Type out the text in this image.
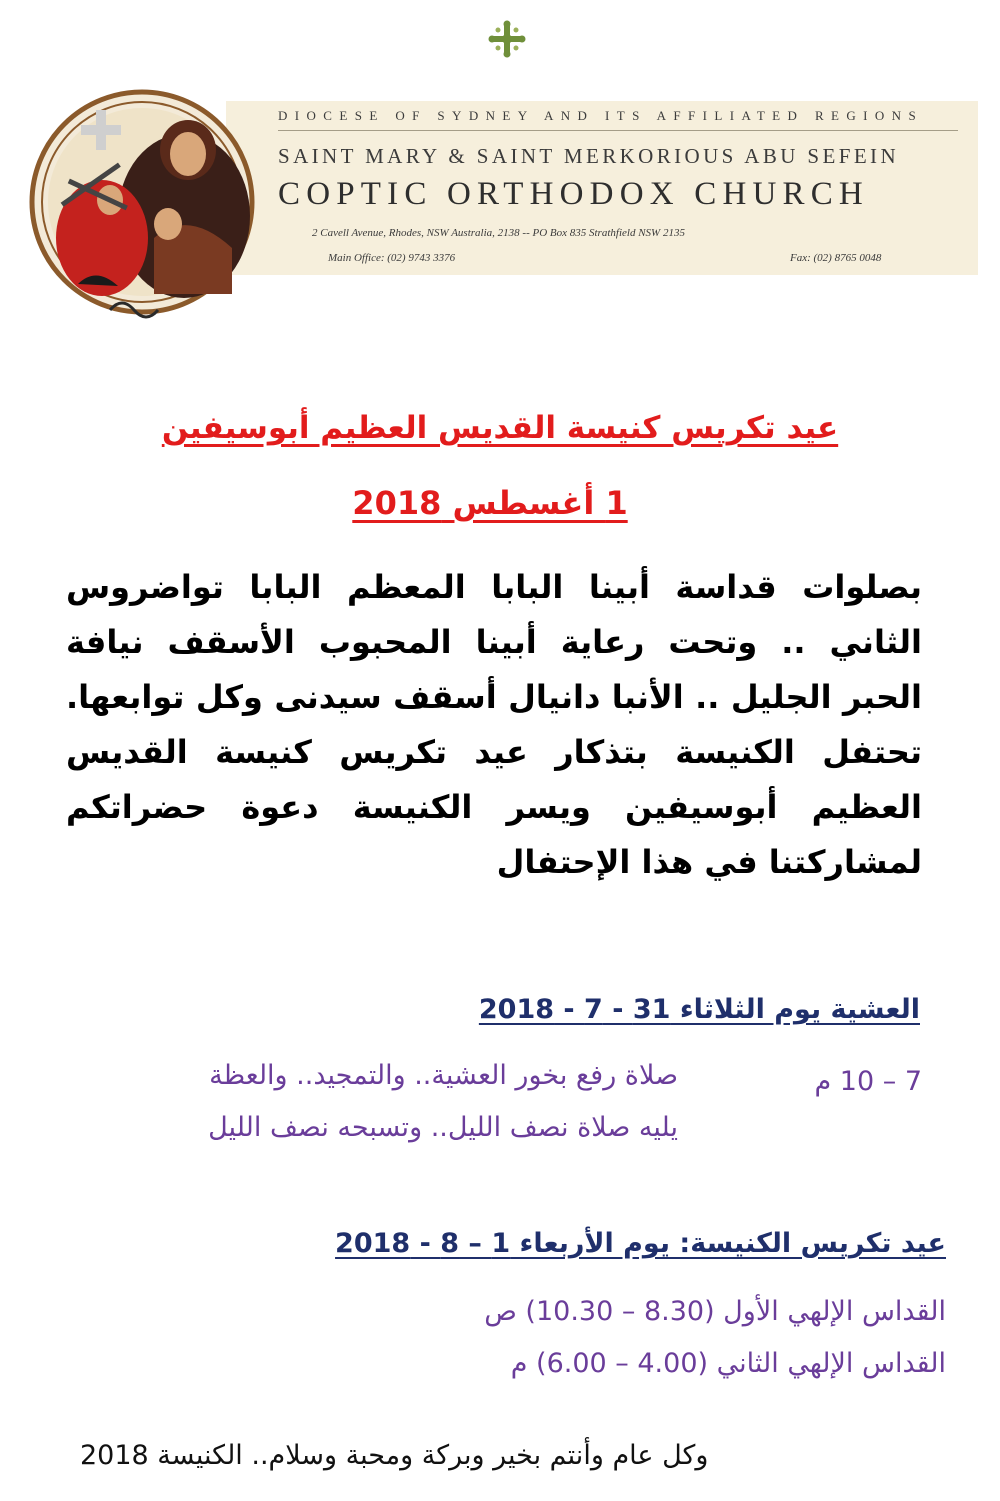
DIOCESE OF SYDNEY AND ITS AFFILIATED REGIONS
SAINT MARY & SAINT MERKORIOUS ABU SEFEIN
COPTIC ORTHODOX CHURCH
2 Cavell Avenue, Rhodes, NSW Australia, 2138 -- PO Box 835 Strathfield NSW 2135
Main Office: (02) 9743 3376	Fax: (02) 8765 0048
عيد تكريس كنيسة القديس العظيم أبوسيفين
1 أغسطس 2018
بصلوات قداسة أبينا البابا المعظم البابا تواضروس الثاني .. وتحت رعاية أبينا المحبوب الأسقف نيافة الحبر الجليل .. الأنبا دانيال أسقف سيدنى وكل توابعها. تحتفل الكنيسة بتذكار عيد تكريس كنيسة القديس العظيم أبوسيفين ويسر الكنيسة دعوة حضراتكم لمشاركتنا في هذا الإحتفال
العشية يوم الثلاثاء 31 - 7 - 2018
7 – 10 م
صلاة رفع بخور العشية.. والتمجيد.. والعظة
يليه صلاة نصف الليل.. وتسبحه نصف الليل
عيد تكريس الكنيسة: يوم الأربعاء 1 – 8 - 2018
القداس الإلهي الأول (8.30 – 10.30) ص
القداس الإلهي الثاني (4.00 – 6.00) م
وكل عام وأنتم بخير وبركة ومحبة وسلام.. الكنيسة 2018
